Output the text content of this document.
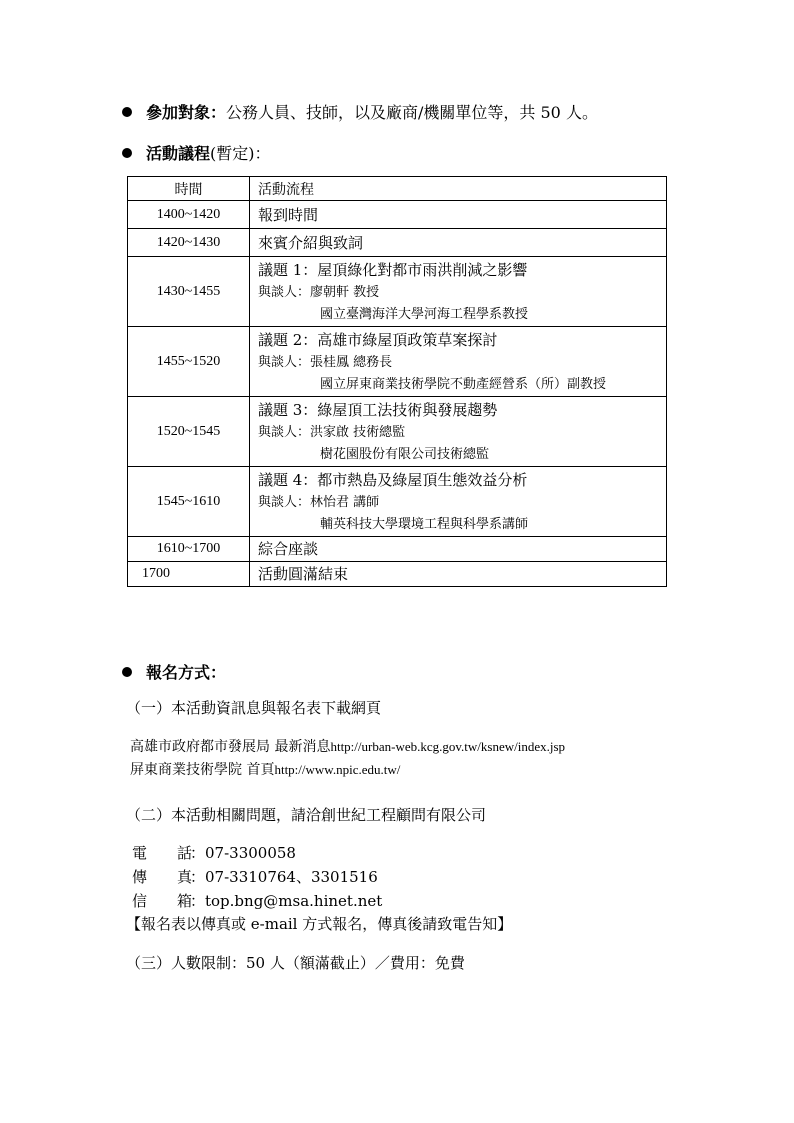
參加對象：公務人員、技師，以及廠商/機關單位等，共 50 人。
活動議程(暫定)：
時間	活動流程
1400~1420	報到時間
1420~1430	來賓介紹與致詞
1430~1455	議題 1：屋頂綠化對都市雨洪削減之影響
與談人：廖朝軒 教授
國立臺灣海洋大學河海工程學系教授

1455~1520	議題 2：高雄市綠屋頂政策草案探討
與談人：張桂鳳 總務長
國立屏東商業技術學院不動產經營系（所）副教授

1520~1545	議題 3：綠屋頂工法技術與發展趨勢
與談人：洪家啟 技術總監
樹花園股份有限公司技術總監

1545~1610	議題 4：都市熱島及綠屋頂生態效益分析
與談人：林怡君 講師
輔英科技大學環境工程與科學系講師

1610~1700	綜合座談
1700	活動圓滿結束
報名方式：
（一）本活動資訊息與報名表下載網頁
高雄市政府都市發展局 最新消息http://urban-web.kcg.gov.tw/ksnew/index.jsp
屏東商業技術學院 首頁http://www.npic.edu.tw/
（二）本活動相關問題，請洽創世紀工程顧問有限公司
電 話：07-3300058
傳 真：07-3310764、3301516
信 箱：top.bng@msa.hinet.net
【報名表以傳真或 e-mail 方式報名，傳真後請致電告知】
（三）人數限制：50 人（額滿截止）／費用：免費
